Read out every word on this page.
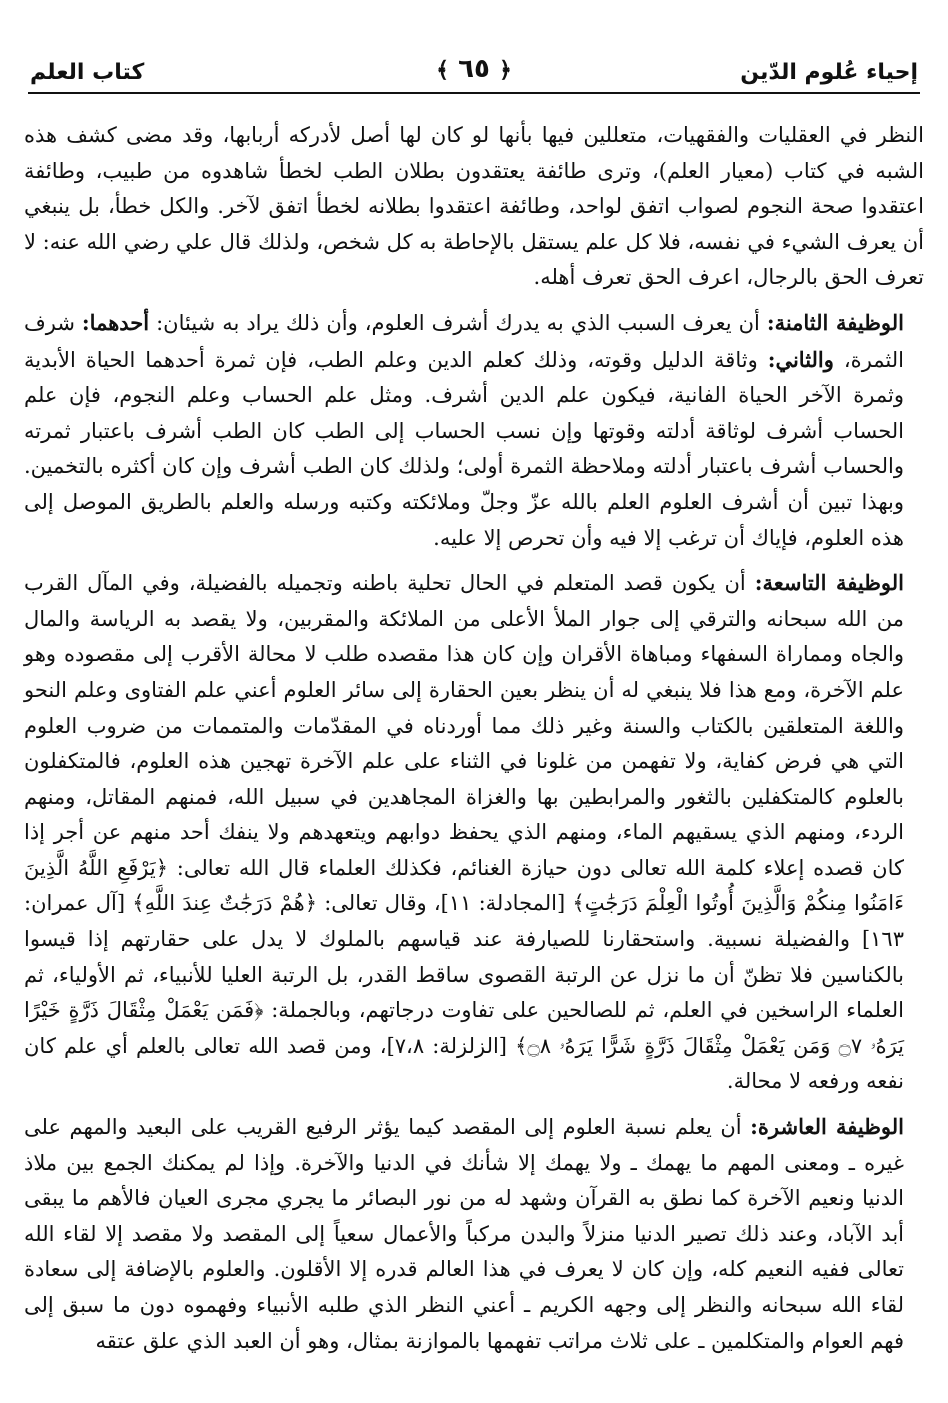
إحياء عُلوم الدّين
﴿ ٦٥ ﴾
كتاب العلم

النظر في العقليات والفقهيات، متعللين فيها بأنها لو كان لها أصل لأدركه أربابها، وقد مضى كشف هذه الشبه في كتاب (معيار العلم)، وترى طائفة يعتقدون بطلان الطب لخطأ شاهدوه من طبيب، وطائفة اعتقدوا صحة النجوم لصواب اتفق لواحد، وطائفة اعتقدوا بطلانه لخطأ اتفق لآخر. والكل خطأ، بل ينبغي أن يعرف الشيء في نفسه، فلا كل علم يستقل بالإحاطة به كل شخص، ولذلك قال علي رضي الله عنه: لا تعرف الحق بالرجال، اعرف الحق تعرف أهله.

الوظيفة الثامنة: أن يعرف السبب الذي به يدرك أشرف العلوم، وأن ذلك يراد به شيئان: أحدهما: شرف الثمرة، والثاني: وثاقة الدليل وقوته، وذلك كعلم الدين وعلم الطب، فإن ثمرة أحدهما الحياة الأبدية وثمرة الآخر الحياة الفانية، فيكون علم الدين أشرف. ومثل علم الحساب وعلم النجوم، فإن علم الحساب أشرف لوثاقة أدلته وقوتها وإن نسب الحساب إلى الطب كان الطب أشرف باعتبار ثمرته والحساب أشرف باعتبار أدلته وملاحظة الثمرة أولى؛ ولذلك كان الطب أشرف وإن كان أكثره بالتخمين. وبهذا تبين أن أشرف العلوم العلم بالله عزّ وجلّ وملائكته وكتبه ورسله والعلم بالطريق الموصل إلى هذه العلوم، فإياك أن ترغب إلا فيه وأن تحرص إلا عليه.

الوظيفة التاسعة: أن يكون قصد المتعلم في الحال تحلية باطنه وتجميله بالفضيلة، وفي المآل القرب من الله سبحانه والترقي إلى جوار الملأ الأعلى من الملائكة والمقربين، ولا يقصد به الرياسة والمال والجاه ومماراة السفهاء ومباهاة الأقران وإن كان هذا مقصده طلب لا محالة الأقرب إلى مقصوده وهو علم الآخرة، ومع هذا فلا ينبغي له أن ينظر بعين الحقارة إلى سائر العلوم أعني علم الفتاوى وعلم النحو واللغة المتعلقين بالكتاب والسنة وغير ذلك مما أوردناه في المقدّمات والمتممات من ضروب العلوم التي هي فرض كفاية، ولا تفهمن من غلونا في الثناء على علم الآخرة تهجين هذه العلوم، فالمتكفلون بالعلوم كالمتكفلين بالثغور والمرابطين بها والغزاة المجاهدين في سبيل الله، فمنهم المقاتل، ومنهم الردء، ومنهم الذي يسقيهم الماء، ومنهم الذي يحفظ دوابهم ويتعهدهم ولا ينفك أحد منهم عن أجر إذا كان قصده إعلاء كلمة الله تعالى دون حيازة الغنائم، فكذلك العلماء قال الله تعالى: ﴿يَرْفَعِ اللَّهُ الَّذِينَ ءَامَنُوا مِنكُمْ وَالَّذِينَ أُوتُوا الْعِلْمَ دَرَجَٰتٍ﴾ [المجادلة: ١١]، وقال تعالى: ﴿هُمْ دَرَجَٰتٌ عِندَ اللَّهِ﴾ [آل عمران: ١٦٣] والفضيلة نسبية. واستحقارنا للصيارفة عند قياسهم بالملوك لا يدل على حقارتهم إذا قيسوا بالكناسين فلا تظنّ أن ما نزل عن الرتبة القصوى ساقط القدر، بل الرتبة العليا للأنبياء، ثم الأولياء، ثم العلماء الراسخين في العلم، ثم للصالحين على تفاوت درجاتهم، وبالجملة: ﴿فَمَن يَعْمَلْ مِثْقَالَ ذَرَّةٍ خَيْرًا يَرَهُۥ ۝٧ وَمَن يَعْمَلْ مِثْقَالَ ذَرَّةٍ شَرًّا يَرَهُۥ ۝٨﴾ [الزلزلة: ٧،٨]، ومن قصد الله تعالى بالعلم أي علم كان نفعه ورفعه لا محالة.

الوظيفة العاشرة: أن يعلم نسبة العلوم إلى المقصد كيما يؤثر الرفيع القريب على البعيد والمهم على غيره ـ ومعنى المهم ما يهمك ـ ولا يهمك إلا شأنك في الدنيا والآخرة. وإذا لم يمكنك الجمع بين ملاذ الدنيا ونعيم الآخرة كما نطق به القرآن وشهد له من نور البصائر ما يجري مجرى العيان فالأهم ما يبقى أبد الآباد، وعند ذلك تصير الدنيا منزلاً والبدن مركباً والأعمال سعياً إلى المقصد ولا مقصد إلا لقاء الله تعالى ففيه النعيم كله، وإن كان لا يعرف في هذا العالم قدره إلا الأقلون. والعلوم بالإضافة إلى سعادة لقاء الله سبحانه والنظر إلى وجهه الكريم ـ أعني النظر الذي طلبه الأنبياء وفهموه دون ما سبق إلى فهم العوام والمتكلمين ـ على ثلاث مراتب تفهمها بالموازنة بمثال، وهو أن العبد الذي علق عتقه
